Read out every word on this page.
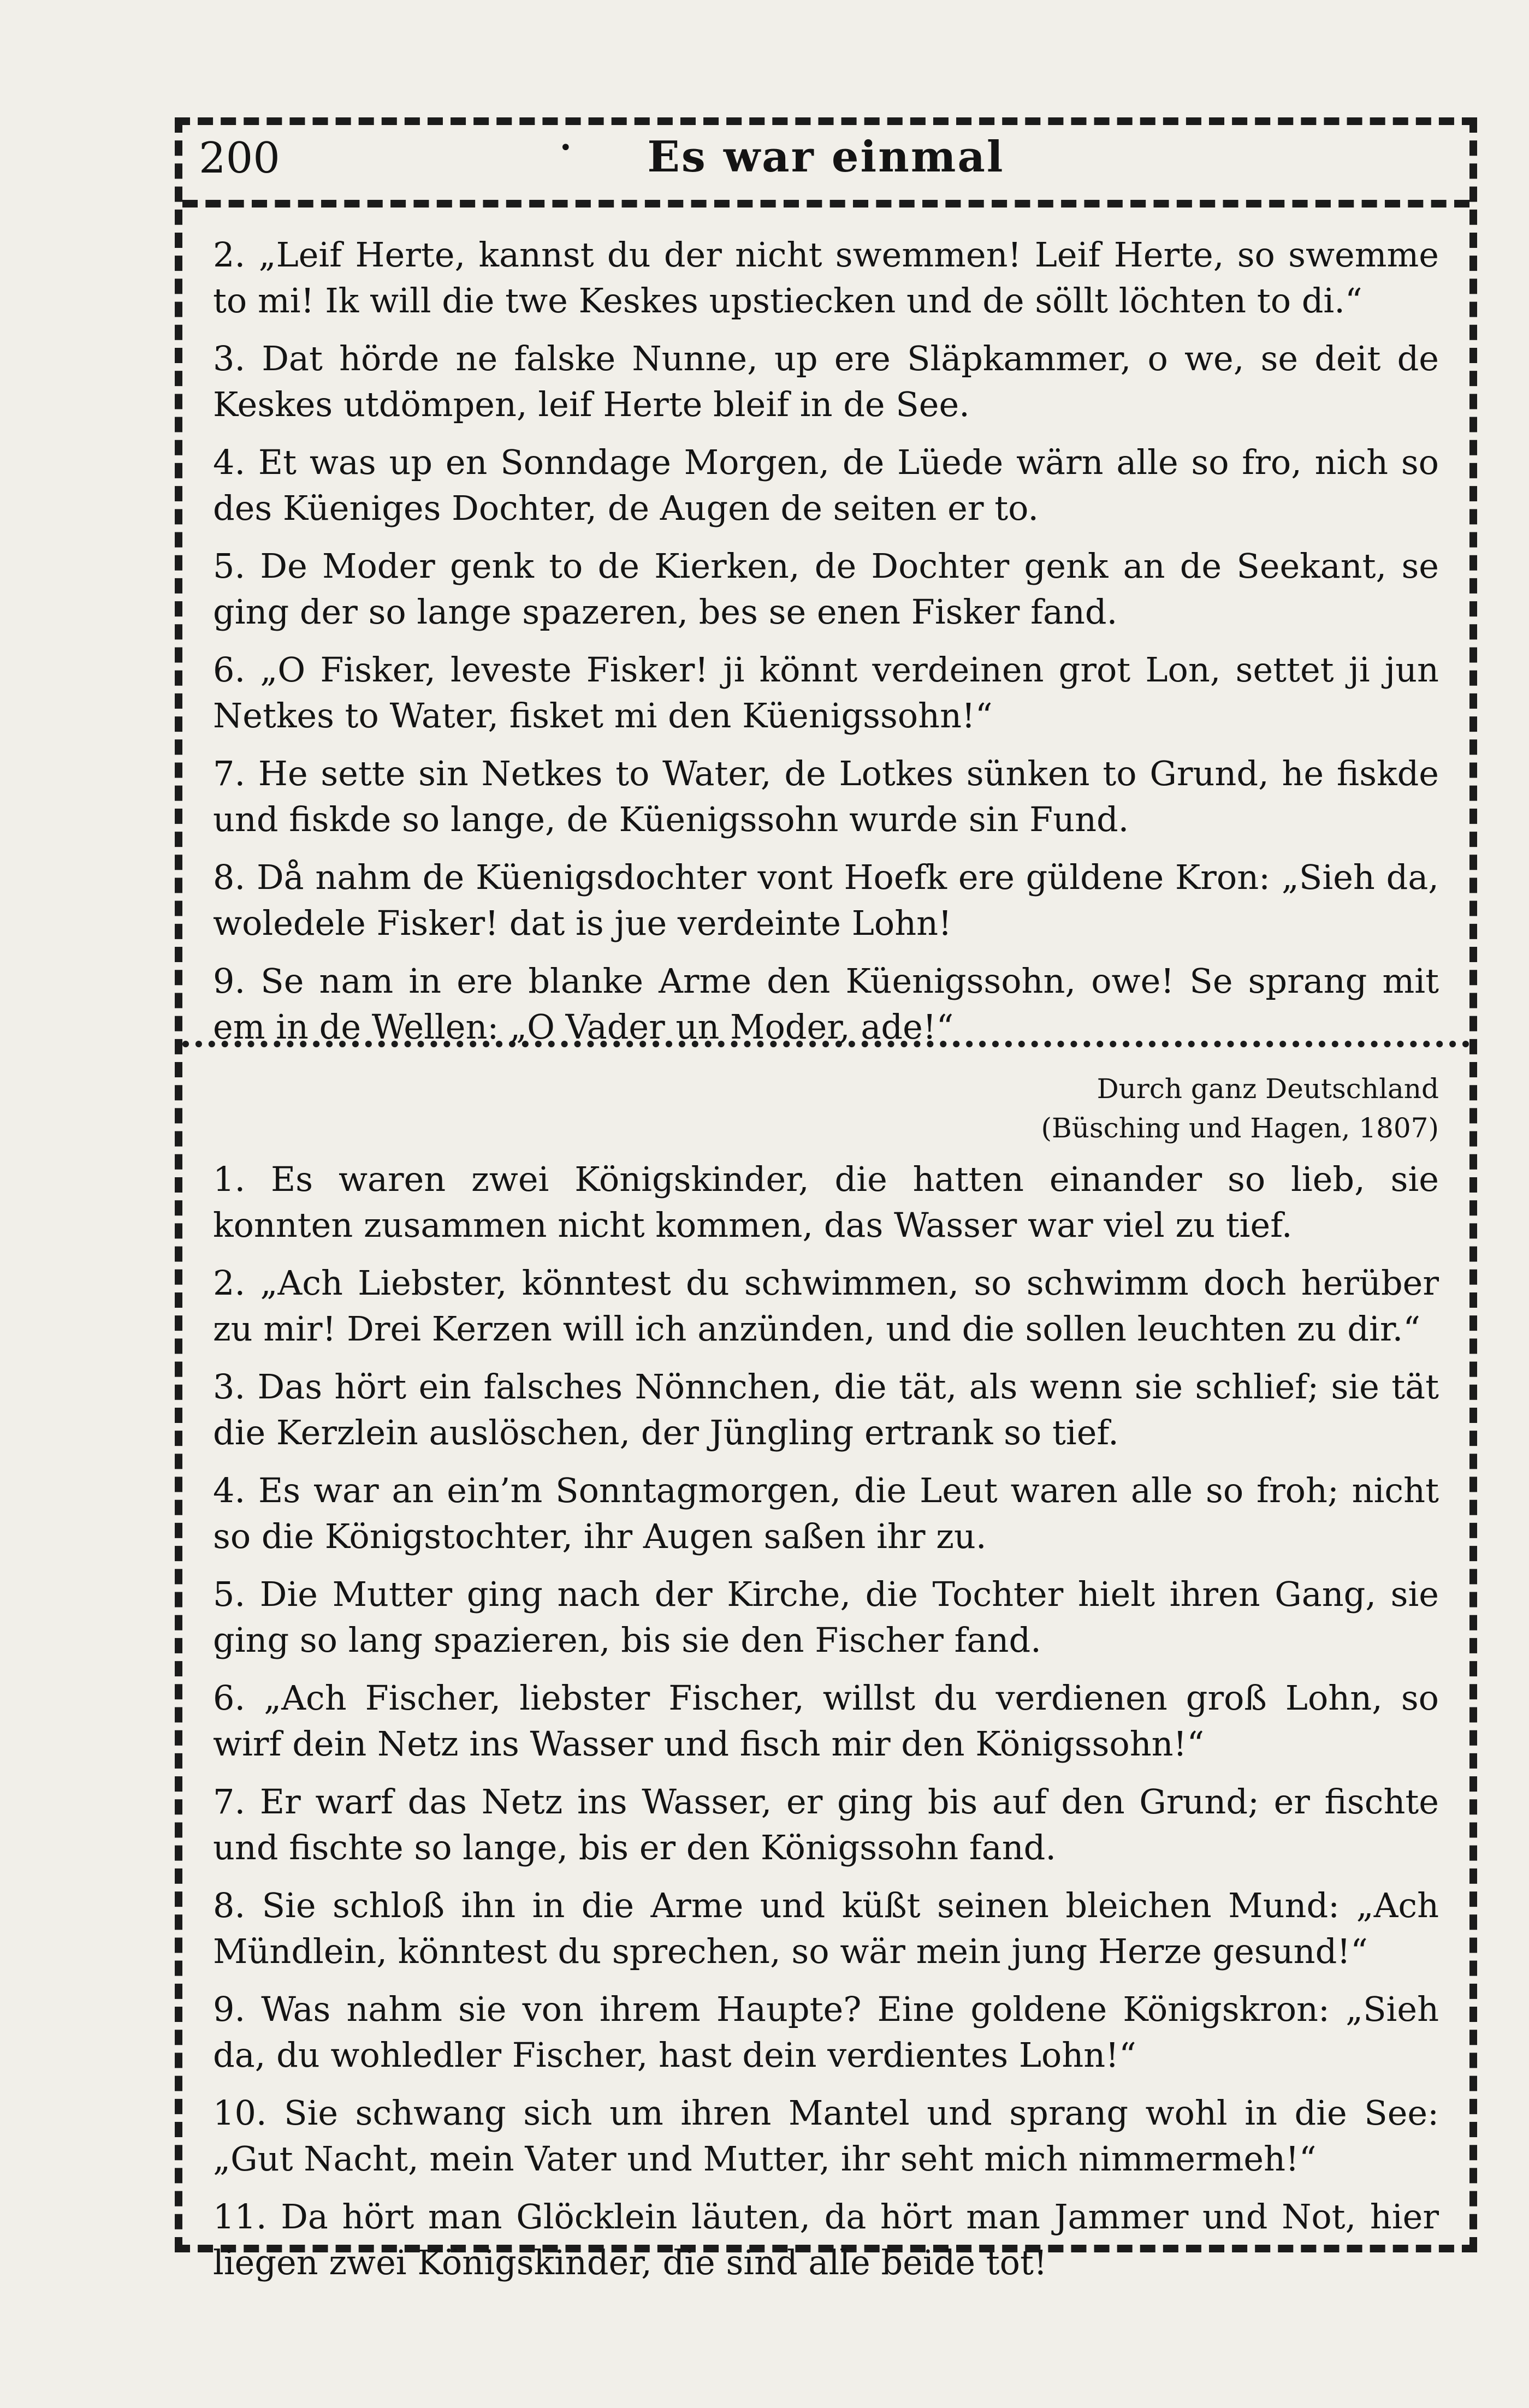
200	•	Es war einmal
2. „Leif Herte, kannst du der nicht swemmen! Leif Herte, so swemme to mi! Ik will die twe Keskes upstiecken und de söllt löchten to di.“
3. Dat hörde ne falske Nunne, up ere Släpkammer, o we, se deit de Keskes utdömpen, leif Herte bleif in de See.
4. Et was up en Sonndage Morgen, de Lüede wärn alle so fro, nich so des Küeniges Dochter, de Augen de seiten er to.
5. De Moder genk to de Kierken, de Dochter genk an de Seekant, se ging der so lange spazeren, bes se enen Fisker fand.
6. „O Fisker, leveste Fisker! ji könnt verdeinen grot Lon, settet ji jun Netkes to Water, fisket mi den Küenigssohn!“
7. He sette sin Netkes to Water, de Lotkes sünken to Grund, he fiskde und fiskde so lange, de Küenigssohn wurde sin Fund.
8. Då nahm de Küenigsdochter vont Hoefk ere güldene Kron: „Sieh da, woledele Fisker! dat is jue verdeinte Lohn!
9. Se nam in ere blanke Arme den Küenigssohn, owe! Se sprang mit em in de Wellen: „O Vader un Moder, ade!“
Durch ganz Deutschland
(Büsching und Hagen, 1807)
1. Es waren zwei Königskinder, die hatten einander so lieb, sie konnten zusammen nicht kommen, das Wasser war viel zu tief.
2. „Ach Liebster, könntest du schwimmen, so schwimm doch herüber zu mir! Drei Kerzen will ich anzünden, und die sollen leuchten zu dir.“
3. Das hört ein falsches Nönnchen, die tät, als wenn sie schlief; sie tät die Kerzlein auslöschen, der Jüngling ertrank so tief.
4. Es war an ein’m Sonntagmorgen, die Leut waren alle so froh; nicht so die Königstochter, ihr Augen saßen ihr zu.
5. Die Mutter ging nach der Kirche, die Tochter hielt ihren Gang, sie ging so lang spazieren, bis sie den Fischer fand.
6. „Ach Fischer, liebster Fischer, willst du verdienen groß Lohn, so wirf dein Netz ins Wasser und fisch mir den Königssohn!“
7. Er warf das Netz ins Wasser, er ging bis auf den Grund; er fischte und fischte so lange, bis er den Königssohn fand.
8. Sie schloß ihn in die Arme und küßt seinen bleichen Mund: „Ach Mündlein, könntest du sprechen, so wär mein jung Herze gesund!“
9. Was nahm sie von ihrem Haupte? Eine goldene Königskron: „Sieh da, du wohledler Fischer, hast dein verdientes Lohn!“
10. Sie schwang sich um ihren Mantel und sprang wohl in die See: „Gut Nacht, mein Vater und Mutter, ihr seht mich nimmermeh!“
11. Da hört man Glöcklein läuten, da hört man Jammer und Not, hier liegen zwei Königskinder, die sind alle beide tot!
